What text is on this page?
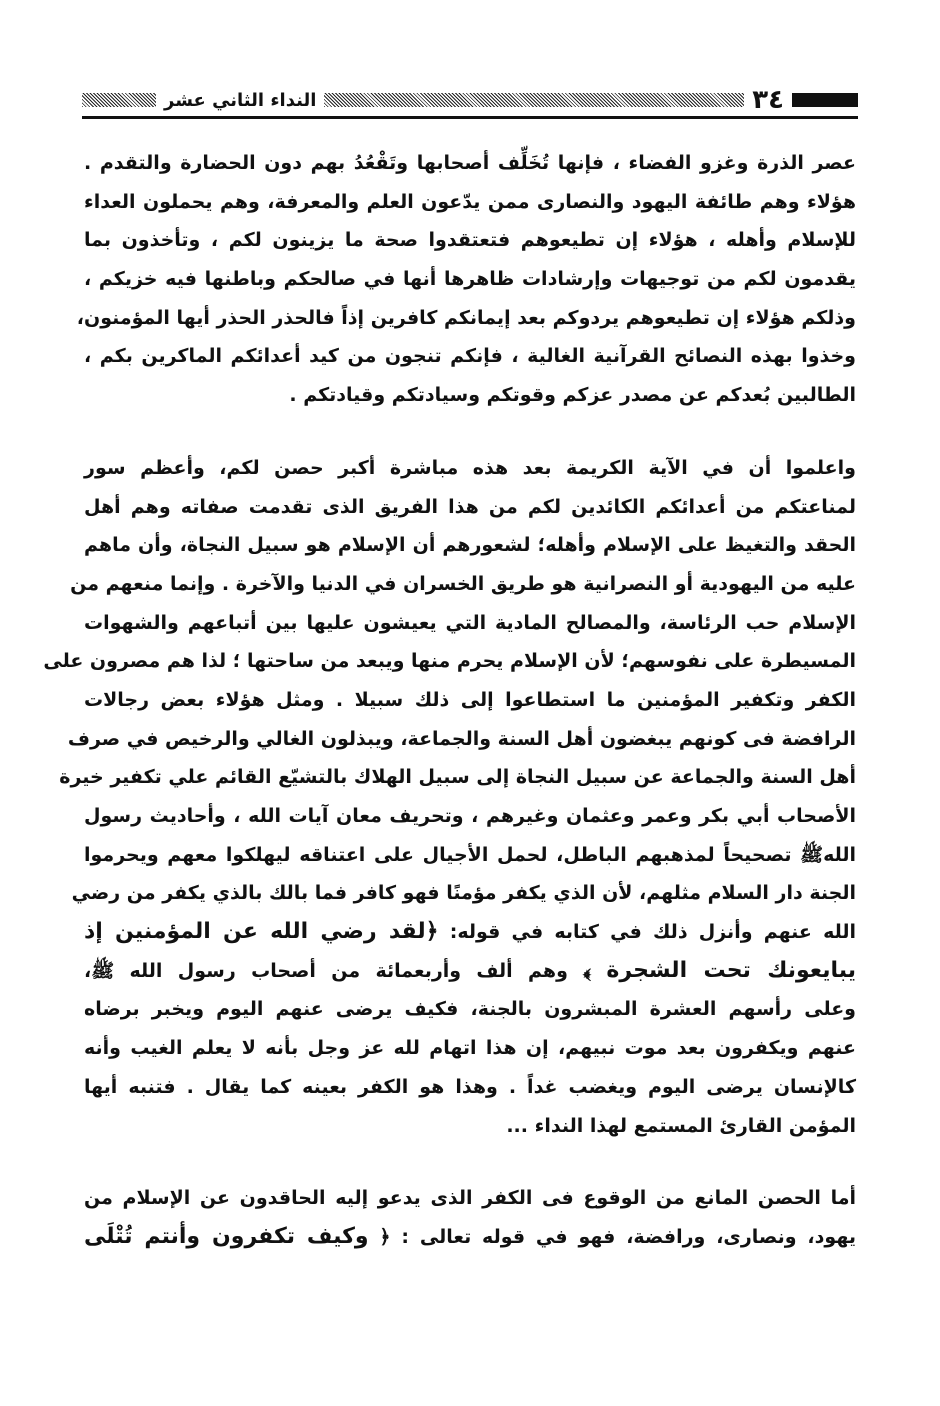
٣٤
النداء الثاني عشر
عصر الذرة وغزو الفضاء ، فإنها تُخَلِّف أصحابها وتَقْعُدُ بهم دون الحضارة والتقدم .
هؤلاء وهم طائفة اليهود والنصارى ممن يدّعون العلم والمعرفة، وهم يحملون العداء
للإسلام وأهله ، هؤلاء إن تطيعوهم فتعتقدوا صحة ما يزينون لكم ، وتأخذون بما
يقدمون لكم من توجيهات وإرشادات ظاهرها أنها في صالحكم وباطنها فيه خزيكم ،
وذلكم هؤلاء إن تطيعوهم يردوكم بعد إيمانكم كافرين إذاً فالحذر الحذر أيها المؤمنون،
وخذوا بهذه النصائح القرآنية الغالية ، فإنكم تنجون من كيد أعدائكم الماكرين بكم ،
الطالبين بُعدكم عن مصدر عزكم وقوتكم وسيادتكم وقيادتكم .
واعلموا أن في الآية الكريمة بعد هذه مباشرة أكبر حصن لكم، وأعظم سور
لمناعتكم من أعدائكم الكائدين لكم من هذا الفريق الذى تقدمت صفاته وهم أهل
الحقد والتغيظ على الإسلام وأهله؛ لشعورهم أن الإسلام هو سبيل النجاة، وأن ماهم
عليه من اليهودية أو النصرانية هو طريق الخسران في الدنيا والآخرة . وإنما منعهم من
الإسلام حب الرئاسة، والمصالح المادية التي يعيشون عليها بين أتباعهم والشهوات
المسيطرة على نفوسهم؛ لأن الإسلام يحرم منها ويبعد من ساحتها ؛ لذا هم مصرون على
الكفر وتكفير المؤمنين ما استطاعوا إلى ذلك سبيلا . ومثل هؤلاء بعض رجالات
الرافضة فى كونهم يبغضون أهل السنة والجماعة، ويبذلون الغالي والرخيص في صرف
أهل السنة والجماعة عن سبيل النجاة إلى سبيل الهلاك بالتشيّع القائم علي تكفير خيرة
الأصحاب أبي بكر وعمر وعثمان وغيرهم ، وتحريف معان آيات الله ، وأحاديث رسول
اللهﷺ تصحيحاً لمذهبهم الباطل، لحمل الأجيال على اعتناقه ليهلكوا معهم ويحرموا
الجنة دار السلام مثلهم، لأن الذي يكفر مؤمنًا فهو كافر فما بالك بالذي يكفر من رضي
الله عنهم وأنزل ذلك في كتابه في قوله: ﴿لقد رضي الله عن المؤمنين إذ
يبايعونك تحت الشجرة ﴾ وهم ألف وأربعمائة من أصحاب رسول الله ﷺ،
وعلى رأسهم العشرة المبشرون بالجنة، فكيف يرضى عنهم اليوم ويخبر برضاه
عنهم ويكفرون بعد موت نبيهم، إن هذا اتهام لله عز وجل بأنه لا يعلم الغيب وأنه
كالإنسان يرضى اليوم ويغضب غداً . وهذا هو الكفر بعينه كما يقال . فتنبه أيها
المؤمن القارئ المستمع لهذا النداء ...
أما الحصن المانع من الوقوع فى الكفر الذى يدعو إليه الحاقدون عن الإسلام من
يهود، ونصارى، ورافضة، فهو في قوله تعالى : ﴿ وكيف تكفرون وأنتم تُتْلَى
